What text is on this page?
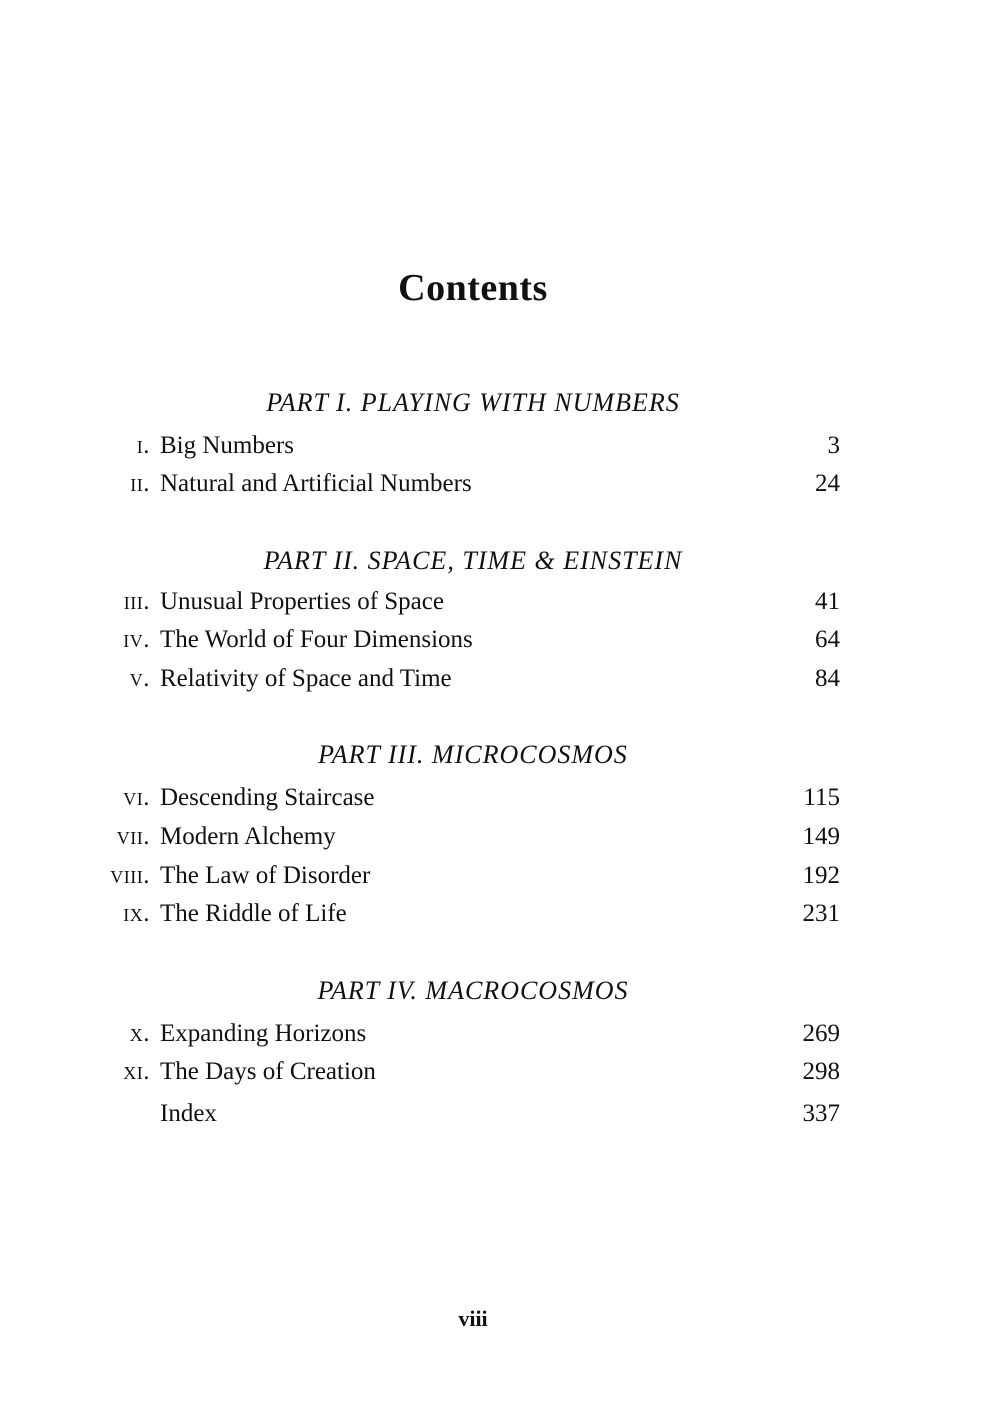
Contents
PART I. PLAYING WITH NUMBERS
i. Big Numbers	3
ii. Natural and Artificial Numbers	24
PART II. SPACE, TIME & EINSTEIN
iii. Unusual Properties of Space	41
iv. The World of Four Dimensions	64
v. Relativity of Space and Time	84
PART III. MICROCOSMOS
vi. Descending Staircase	115
vii. Modern Alchemy	149
viii. The Law of Disorder	192
ix. The Riddle of Life	231
PART IV. MACROCOSMOS
x. Expanding Horizons	269
xi. The Days of Creation	298
Index	337
viii
